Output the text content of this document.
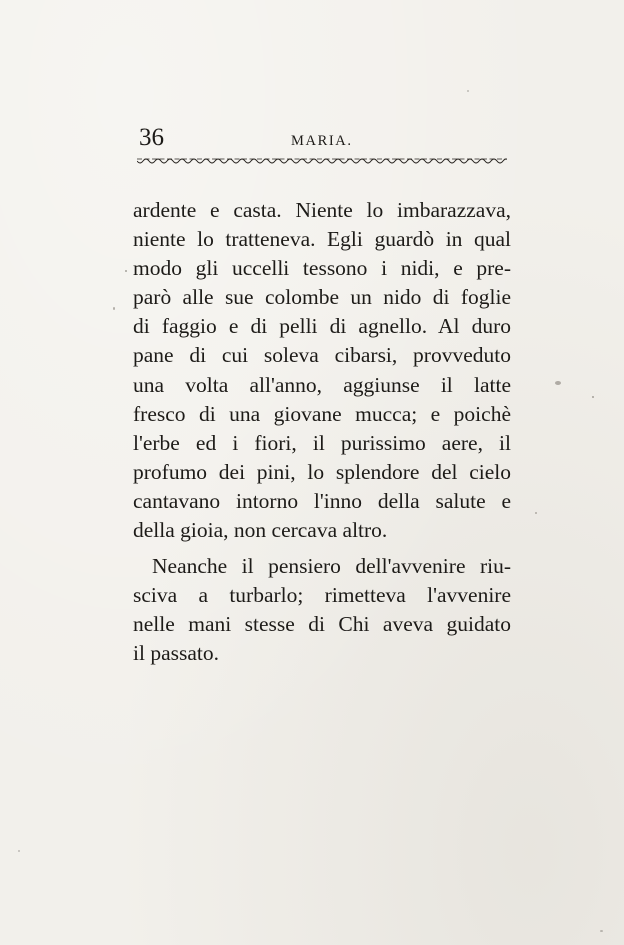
36	MARIA.
ardente e casta. Niente lo imbarazzava,
niente lo tratteneva. Egli guardò in qual
modo gli uccelli tessono i nidi, e pre-
parò alle sue colombe un nido di foglie
di faggio e di pelli di agnello. Al duro
pane di cui soleva cibarsi, provveduto
una volta all'anno, aggiunse il latte
fresco di una giovane mucca; e poichè
l'erbe ed i fiori, il purissimo aere, il
profumo dei pini, lo splendore del cielo
cantavano intorno l'inno della salute e
della gioia, non cercava altro.
Neanche il pensiero dell'avvenire riu-
sciva a turbarlo; rimetteva l'avvenire
nelle mani stesse di Chi aveva guidato
il passato.
